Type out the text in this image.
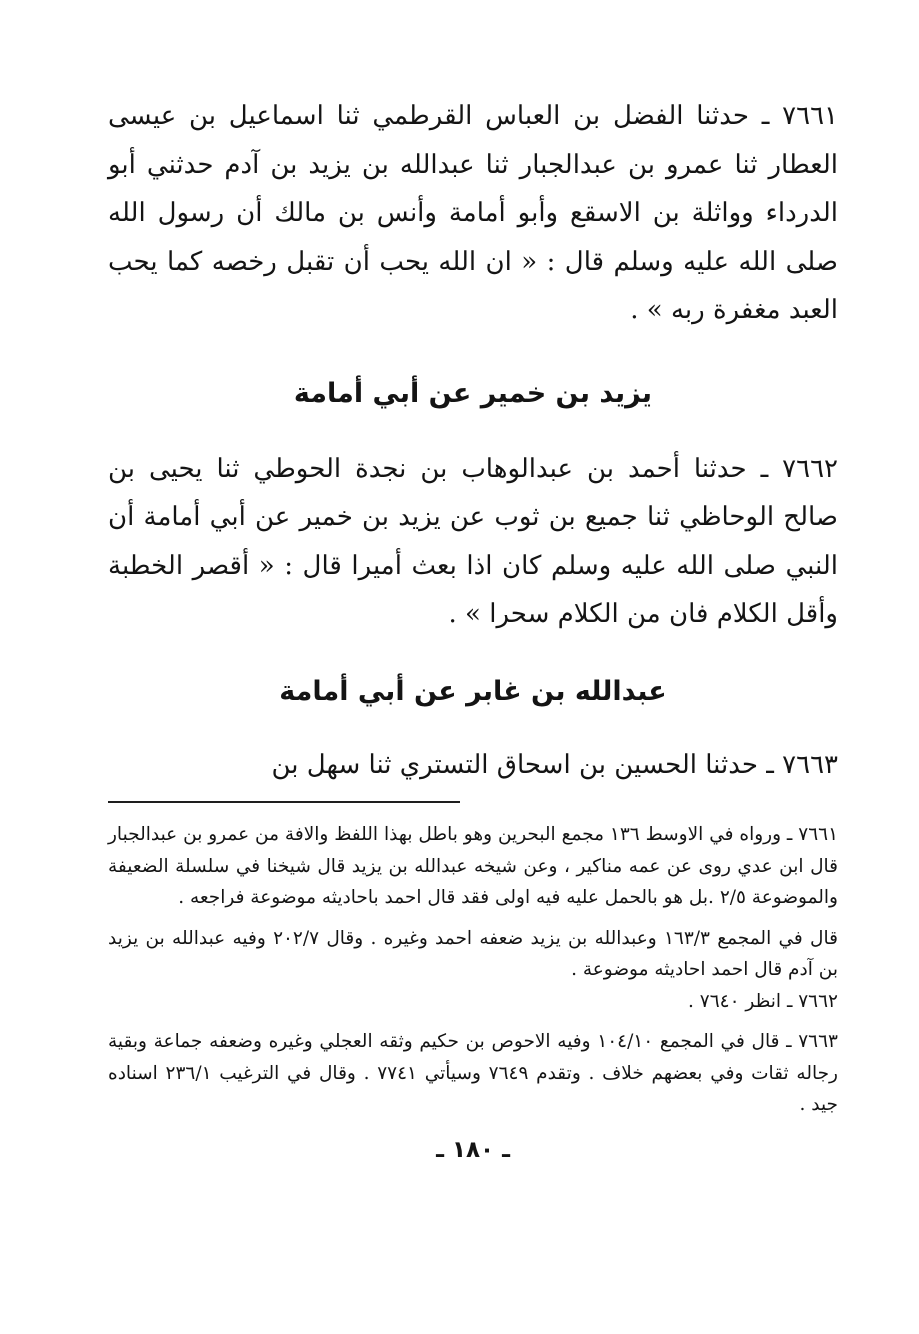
٧٦٦١ ـ حدثنا الفضل بن العباس القرطمي ثنا اسماعيل بن عيسى العطار ثنا عمرو بن عبدالجبار ثنا عبدالله بن يزيد بن آدم حدثني أبو الدرداء وواثلة بن الاسقع وأبو أمامة وأنس بن مالك أن رسول الله صلى الله عليه وسلم قال : « ان الله يحب أن تقبل رخصه كما يحب العبد مغفرة ربه » .

يزيد بن خمير عن أبي أمامة

٧٦٦٢ ـ حدثنا أحمد بن عبدالوهاب بن نجدة الحوطي ثنا يحيى بن صالح الوحاظي ثنا جميع بن ثوب عن يزيد بن خمير عن أبي أمامة أن النبي صلى الله عليه وسلم كان اذا بعث أميرا قال : « أقصر الخطبة وأقل الكلام فان من الكلام سحرا » .

عبدالله بن غابر عن أبي أمامة

٧٦٦٣ ـ حدثنا الحسين بن اسحاق التستري ثنا سهل بن

٧٦٦١ ـ ورواه في الاوسط ١٣٦ مجمع البحرين وهو باطل بهذا اللفظ والافة من عمرو بن عبدالجبار قال ابن عدي روى عن عمه مناكير ، وعن شيخه عبدالله بن يزيد قال شيخنا في سلسلة الضعيفة والموضوعة ٢/٥ .بل هو بالحمل عليه فيه اولى فقد قال احمد باحاديثه موضوعة فراجعه .

قال في المجمع ١٦٣/٣ وعبدالله بن يزيد ضعفه احمد وغيره . وقال ٢٠٢/٧ وفيه عبدالله بن يزيد بن آدم قال احمد احاديثه موضوعة .

٧٦٦٢ ـ انظر ٧٦٤٠ .

٧٦٦٣ ـ قال في المجمع ١٠٤/١٠ وفيه الاحوص بن حكيم وثقه العجلي وغيره وضعفه جماعة وبقية رجاله ثقات وفي بعضهم خلاف . وتقدم ٧٦٤٩ وسيأتي ٧٧٤١ . وقال في الترغيب ٢٣٦/١ اسناده جيد .

ـ ١٨٠ ـ
